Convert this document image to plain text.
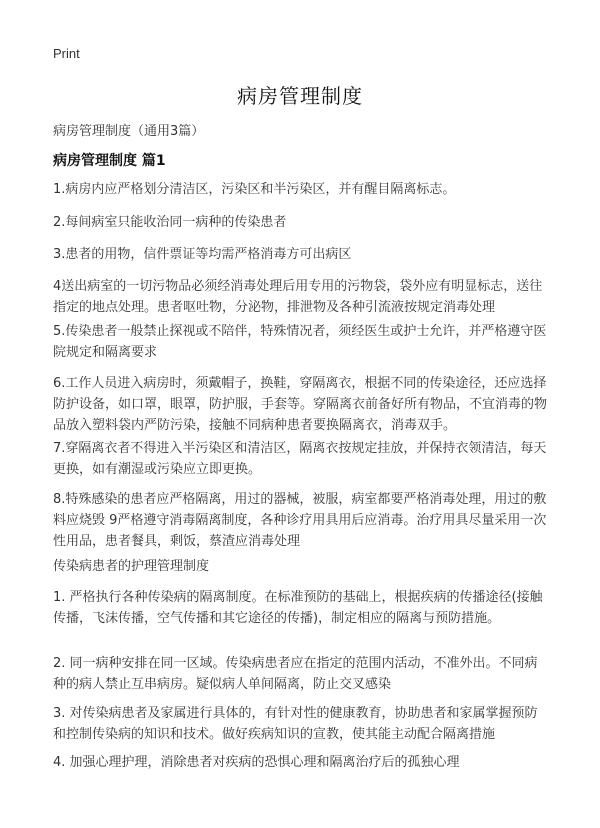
Print
病房管理制度
病房管理制度（通用3篇）
病房管理制度 篇1
1.病房内应严格划分清洁区，污染区和半污染区，并有醒目隔离标志。
2.每间病室只能收治同一病种的传染患者
3.患者的用物，信件票证等均需严格消毒方可出病区
4送出病室的一切污物品必须经消毒处理后用专用的污物袋，袋外应有明显标志，送往指定的地点处理。患者呕吐物，分泌物，排泄物及各种引流液按规定消毒处理
5.传染患者一般禁止探视或不陪伴，特殊情况者，须经医生或护士允许，并严格遵守医院规定和隔离要求
6.工作人员进入病房时，须戴帽子，换鞋，穿隔离衣，根据不同的传染途径，还应选择防护设备，如口罩，眼罩，防护服，手套等。穿隔离衣前备好所有物品，不宜消毒的物品放入塑料袋内严防污染，接触不同病种患者要换隔离衣，消毒双手。
7.穿隔离衣者不得进入半污染区和清洁区，隔离衣按规定挂放，并保持衣领清洁，每天更换，如有潮湿或污染应立即更换。
8.特殊感染的患者应严格隔离，用过的器械，被服，病室都要严格消毒处理，用过的敷料应烧毁 9严格遵守消毒隔离制度，各种诊疗用具用后应消毒。治疗用具尽量采用一次性用品，患者餐具，剩饭，蔡渣应消毒处理
传染病患者的护理管理制度
1. 严格执行各种传染病的隔离制度。在标准预防的基础上，根据疾病的传播途径(接触传播，飞沫传播，空气传播和其它途径的传播)，制定相应的隔离与预防措施。
2. 同一病种安排在同一区域。传染病患者应在指定的范围内活动，不准外出。不同病种的病人禁止互串病房。疑似病人单间隔离，防止交叉感染
3. 对传染病患者及家属进行具体的，有针对性的健康教育，协助患者和家属掌握预防和控制传染病的知识和技术。做好疾病知识的宣教，使其能主动配合隔离措施
4. 加强心理护理，消除患者对疾病的恐惧心理和隔离治疗后的孤独心理
